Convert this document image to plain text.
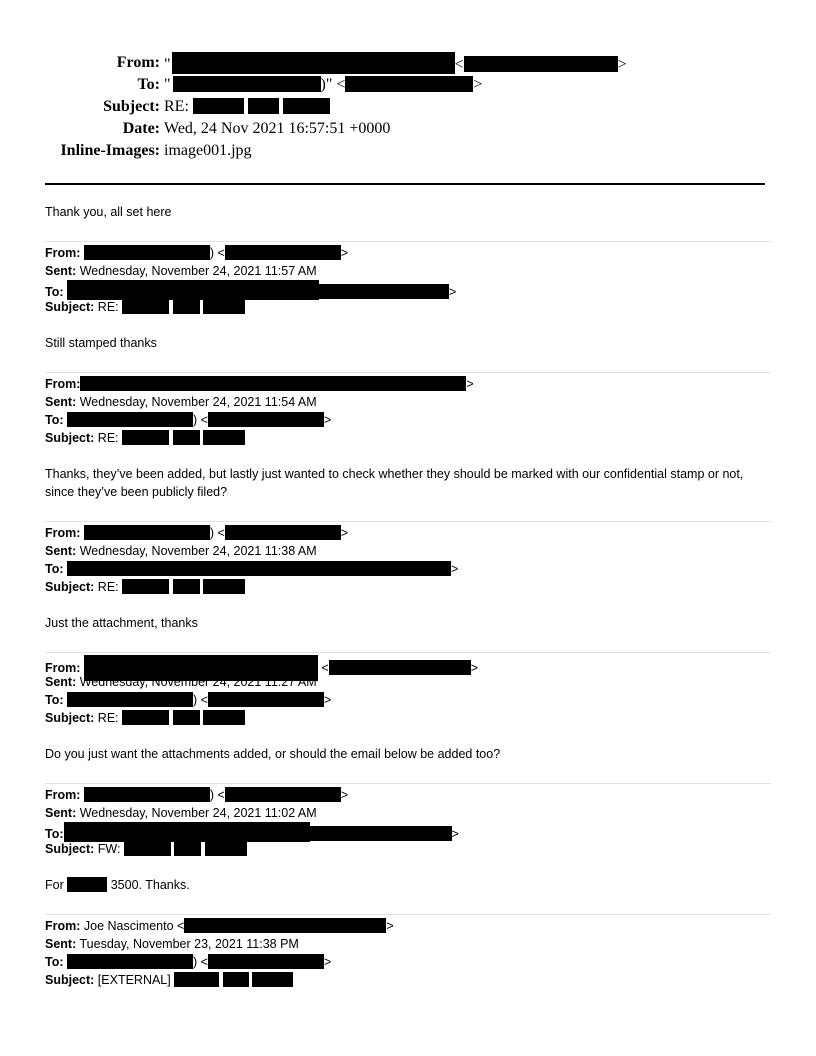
From: "	<	>
To: "	)" <	>
Subject: RE:
Date: Wed, 24 Nov 2021 16:57:51 +0000
Inline-Images: image001.jpg
Thank you, all set here
From:	) <	>
Sent: Wednesday, November 24, 2021 11:57 AM
To:	>
Subject: RE:
Still stamped thanks
From:	>
Sent: Wednesday, November 24, 2021 11:54 AM
To:	) <	>
Subject: RE:
Thanks, they’ve been added, but lastly just wanted to check whether they should be marked with our confidential stamp or not, since they’ve been publicly filed?
From:	) <	>
Sent: Wednesday, November 24, 2021 11:38 AM
To:	>
Subject: RE:
Just the attachment, thanks
From:	<	>
Sent: Wednesday, November 24, 2021 11:27 AM
To:	) <	>
Subject: RE:
Do you just want the attachments added, or should the email below be added too?
From:	) <	>
Sent: Wednesday, November 24, 2021 11:02 AM
To:	>
Subject: FW:
For	3500. Thanks.
From: Joe Nascimento <	>
Sent: Tuesday, November 23, 2021 11:38 PM
To:	) <	>
Subject: [EXTERNAL]
